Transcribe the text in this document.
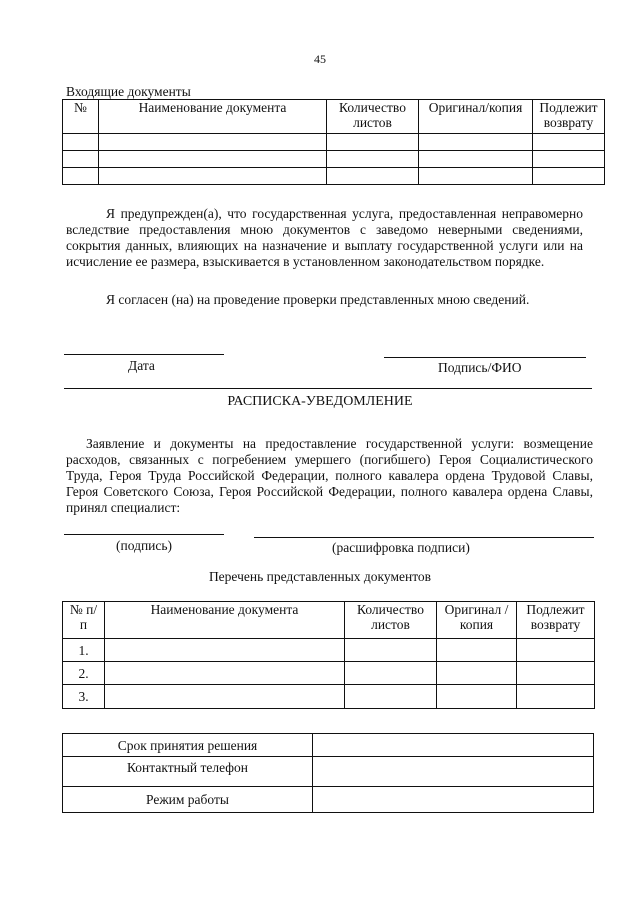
45
Входящие документы
№	Наименование документа	Количество листов	Оригинал/копия	Подлежит возврату

Я предупрежден(а), что государственная услуга, предоставленная неправомерно вследствие предоставления мною документов с заведомо неверными сведениями, сокрытия данных, влияющих на назначение и выплату государственной услуги или на исчисление ее размера, взыскивается в установленном законодательством порядке.
Я согласен (на) на проведение проверки представленных мною сведений.
Дата	Подпись/ФИО
РАСПИСКА-УВЕДОМЛЕНИЕ
Заявление и документы на предоставление государственной услуги: возмещение расходов, связанных с погребением умершего (погибшего) Героя Социалистического Труда, Героя Труда Российской Федерации, полного кавалера ордена Трудовой Славы, Героя Советского Союза, Героя Российской Федерации, полного кавалера ордена Славы, принял специалист:
(подпись)	(расшифровка подписи)
Перечень представленных документов
№ п/п	Наименование документа	Количество листов	Оригинал /копия	Подлежит возврату
1.				
2.				
3.				
Срок принятия решения	
Контактный телефон	
Режим работы	
